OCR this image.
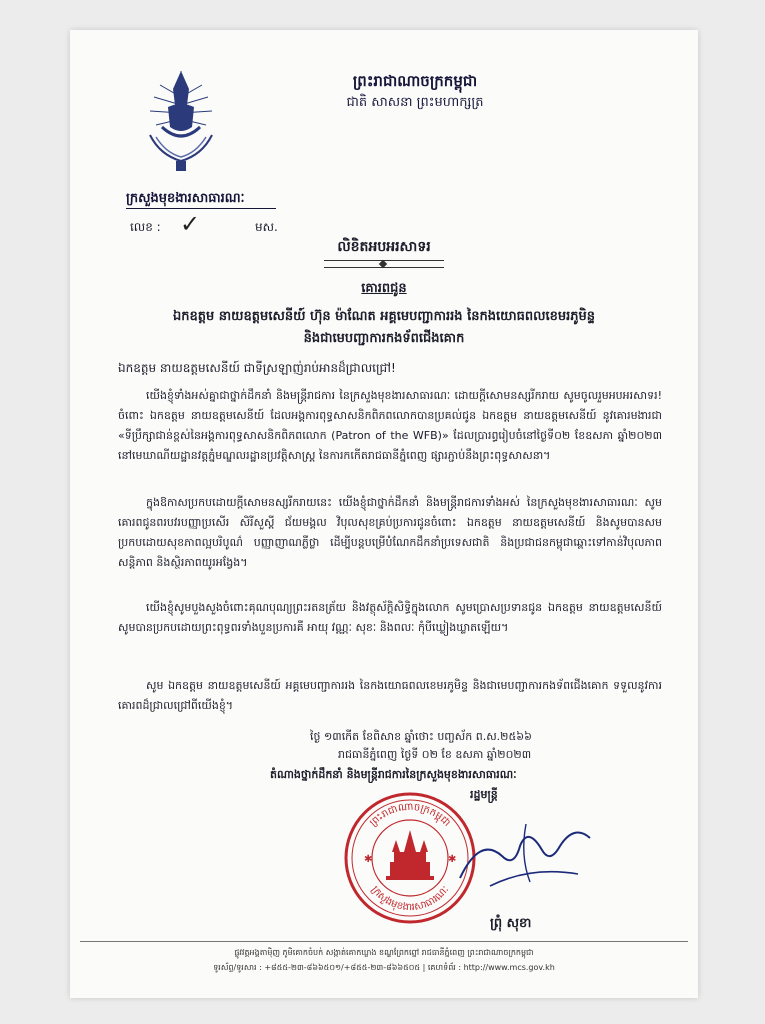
ព្រះរាជាណាចក្រកម្ពុជា
ជាតិ សាសនា ព្រះមហាក្សត្រ
ក្រសួងមុខងារសាធារណៈ
លេខ : ✓	មស.
លិខិតអបអរសាទរ
គោរពជូន
ឯកឧត្តម នាយឧត្តមសេនីយ៍ ហ៊ុន ម៉ាណែត អគ្គមេបញ្ជាការរង នៃកងយោធពលខេមរភូមិន្ទ
និងជាមេបញ្ជាការកងទ័ពជើងគោក
ឯកឧត្តម នាយឧត្តមសេនីយ៍ ជាទីស្រឡាញ់រាប់អានដ៏ជ្រាលជ្រៅ!
យើងខ្ញុំទាំងអស់គ្នាជាថ្នាក់ដឹកនាំ និងមន្ត្រីរាជការ នៃក្រសួងមុខងារសាធារណៈ ដោយក្ដីសោមនស្សរីករាយ សូមចូលរួមអបអរសាទរ! ចំពោះ ឯកឧត្តម នាយឧត្តមសេនីយ៍ ដែលអង្គការពុទ្ធសាសនិកពិភពលោកបានប្រគល់ជូន ឯកឧត្តម នាយឧត្តមសេនីយ៍ នូវគោរមងារជា «ទីប្រឹក្សាជាន់ខ្ពស់នៃអង្គការពុទ្ធសាសនិកពិភពលោក (Patron of the WFB)» ដែលប្រារព្ធរៀបចំនៅថ្ងៃទី០២ ខែឧសភា ឆ្នាំ២០២៣ នៅមេឃាណីយដ្ឋានវត្តភ្នំមណ្ឌលរដ្ឋានប្រវត្តិសាស្ត្រ នៃការកកើតរាជធានីភ្នំពេញ ផ្សារភ្ជាប់នឹងព្រះពុទ្ធសាសនា។
ក្នុងឱកាសប្រកបដោយក្ដីសោមនស្សរីករាយនេះ យើងខ្ញុំជាថ្នាក់ដឹកនាំ និងមន្ត្រីរាជការទាំងអស់ នៃក្រសួងមុខងារសាធារណៈ សូមគោរពជូនពរបវរបញ្ញាប្រសើរ សិរីសួស្ដី ជ័យមង្គល វិបុលសុខគ្រប់ប្រការជូនចំពោះ ឯកឧត្តម នាយឧត្តមសេនីយ៍ និងសូមបានសមប្រកបដោយសុខភាពល្អបរិបូណ៌ បញ្ញាញាណភ្លឺថ្លា ដើម្បីបន្តបម្រើបំណែកដឹកនាំប្រទេសជាតិ និងប្រជាជនកម្ពុជាឆ្ពោះទៅកាន់វិបុលភាព សន្តិភាព និងស្ថិរភាពយូរអង្វែង។
យើងខ្ញុំសូមបួងសួងចំពោះគុណបុណ្យព្រះរតនត្រ័យ និងវត្ថុស័ក្តិសិទ្ធិក្នុងលោក សូមប្រោសប្រទានជូន ឯកឧត្តម នាយឧត្តមសេនីយ៍ សូមបានប្រកបដោយព្រះពុទ្ធពរទាំងបួនប្រការគឺ អាយុ វណ្ណៈ សុខៈ និងពលៈ កុំបីឃ្លៀងឃ្លាតឡើយ។
សូម ឯកឧត្តម នាយឧត្តមសេនីយ៍ អគ្គមេបញ្ជាការរង នៃកងយោធពលខេមរភូមិន្ទ និងជាមេបញ្ជាការកងទ័ពជើងគោក ទទួលនូវការគោរពដ៏ជ្រាលជ្រៅពីយើងខ្ញុំ។
ថ្ងៃ ១៣កើត ខែពិសាខ ឆ្នាំថោះ បញ្ចស័ក ព.ស.២៥៦៦
រាជធានីភ្នំពេញ ថ្ងៃទី ០២ ខែ ឧសភា ឆ្នាំ២០២៣
តំណាងថ្នាក់ដឹកនាំ និងមន្ត្រីរាជការនៃក្រសួងមុខងារសាធារណៈ
រដ្ឋមន្ត្រី
ព្រះរាជាណាចក្រកម្ពុជា
ក្រសួងមុខងារសាធារណៈ
✱	✱
ព្រុំ សុខា
ផ្លូវវត្តអង្គតាម៉ិញ ភូមិគោកចំបក់ សង្កាត់គោកឃ្លាង ខណ្ឌព្រែកព្នៅ រាជធានីភ្នំពេញ ព្រះរាជាណាចក្រកម្ពុជា
ទូរស័ព្ទ/ទូរសារ : +៨៥៥-២៣-៨៦៦៥០១/+៨៥៥-២៣-៨៦៦៥០៥ | គេហទំព័រ : http://www.mcs.gov.kh
